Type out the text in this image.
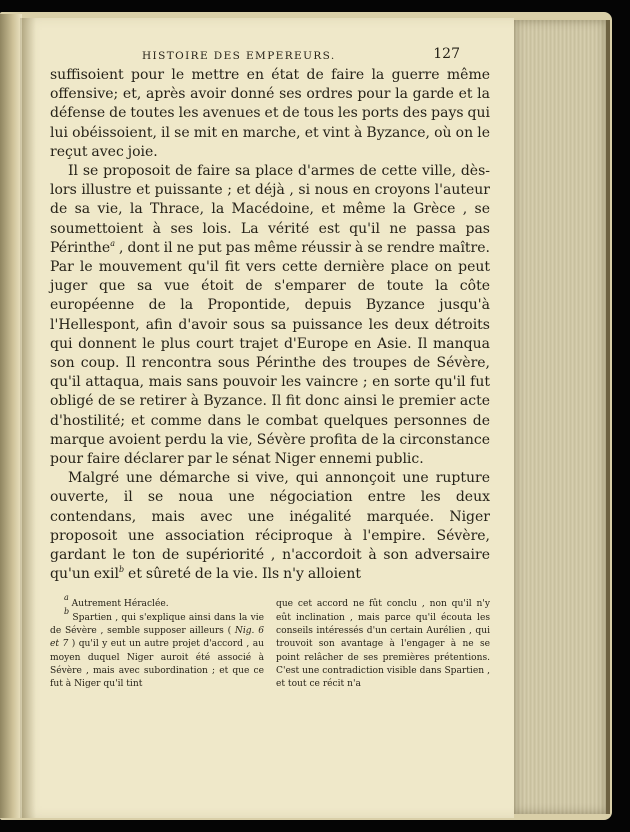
HISTOIRE DES EMPEREURS.	127

suffisoient pour le mettre en état de faire la guerre même offensive; et, après avoir donné ses ordres pour la garde et la défense de toutes les avenues et de tous les ports des pays qui lui obéissoient, il se mit en marche, et vint à Byzance, où on le reçut avec joie.

Il se proposoit de faire sa place d'armes de cette ville, dès-lors illustre et puissante ; et déjà , si nous en croyons l'auteur de sa vie, la Thrace, la Macédoine, et même la Grèce , se soumettoient à ses lois. La vérité est qu'il ne passa pas Périnthe$^a$ , dont il ne put pas même réussir à se rendre maître. Par le mouvement qu'il fit vers cette dernière place on peut juger que sa vue étoit de s'emparer de toute la côte européenne de la Propontide, depuis Byzance jusqu'à l'Hellespont, afin d'avoir sous sa puissance les deux détroits qui donnent le plus court trajet d'Europe en Asie. Il manqua son coup. Il rencontra sous Périnthe des troupes de Sévère, qu'il attaqua, mais sans pouvoir les vaincre ; en sorte qu'il fut obligé de se retirer à Byzance. Il fit donc ainsi le premier acte d'hostilité; et comme dans le combat quelques personnes de marque avoient perdu la vie, Sévère profita de la circonstance pour faire déclarer par le sénat Niger ennemi public.

Malgré une démarche si vive, qui annonçoit une rupture ouverte, il se noua une négociation entre les deux contendans, mais avec une inégalité marquée. Niger proposoit une association réciproque à l'empire. Sévère, gardant le ton de supériorité , n'accordoit à son adversaire qu'un exil$^b$ et sûreté de la vie. Ils n'y alloient

$^a$ Autrement Héraclée.

$^b$ Spartien , qui s'explique ainsi dans la vie de Sévère , semble supposer ailleurs ( Nig. 6 et 7 ) qu'il y eut un autre projet d'accord , au moyen duquel Niger auroit été associé à Sévère , mais avec subordination ; et que ce fut à Niger qu'il tint

que cet accord ne fût conclu , non qu'il n'y eût inclination , mais parce qu'il écouta les conseils intéressés d'un certain Aurélien , qui trouvoit son avantage à l'engager à ne se point relâcher de ses premières prétentions. C'est une contradiction visible dans Spartien , et tout ce récit n'a
